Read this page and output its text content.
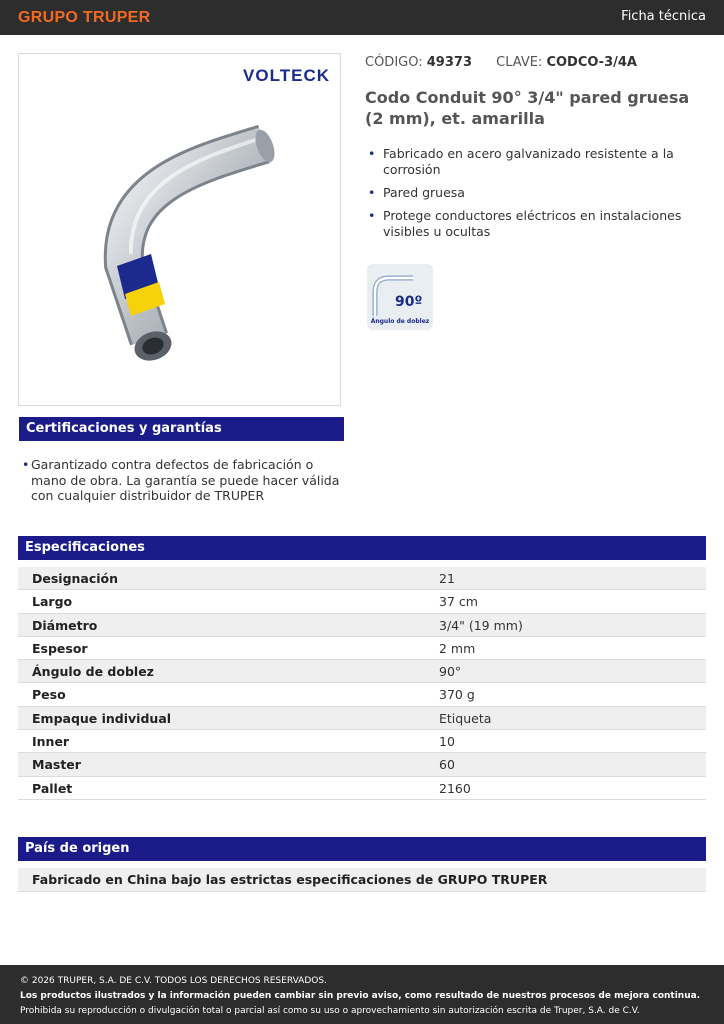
GRUPO TRUPER	Ficha técnica
VOLTECK
CÓDIGO: 49373 CLAVE: CODCO-3/4A
Codo Conduit 90° 3/4" pared gruesa (2 mm), et. amarilla
• Fabricado en acero galvanizado resistente a la corrosión
• Pared gruesa
• Protege conductores eléctricos en instalaciones visibles u ocultas
90º
Ángulo de doblez
Certificaciones y garantías
• Garantizado contra defectos de fabricación o mano de obra. La garantía se puede hacer válida con cualquier distribuidor de TRUPER
Especificaciones
Designación	21
Largo	37 cm
Diámetro	3/4" (19 mm)
Espesor	2 mm
Ángulo de doblez	90°
Peso	370 g
Empaque individual	Etiqueta
Inner	10
Master	60
Pallet	2160
País de origen
Fabricado en China bajo las estrictas especificaciones de GRUPO TRUPER
© 2026 TRUPER, S.A. DE C.V. TODOS LOS DERECHOS RESERVADOS.
Los productos ilustrados y la información pueden cambiar sin previo aviso, como resultado de nuestros procesos de mejora continua.
Prohibida su reproducción o divulgación total o parcial así como su uso o aprovechamiento sin autorización escrita de Truper, S.A. de C.V.
